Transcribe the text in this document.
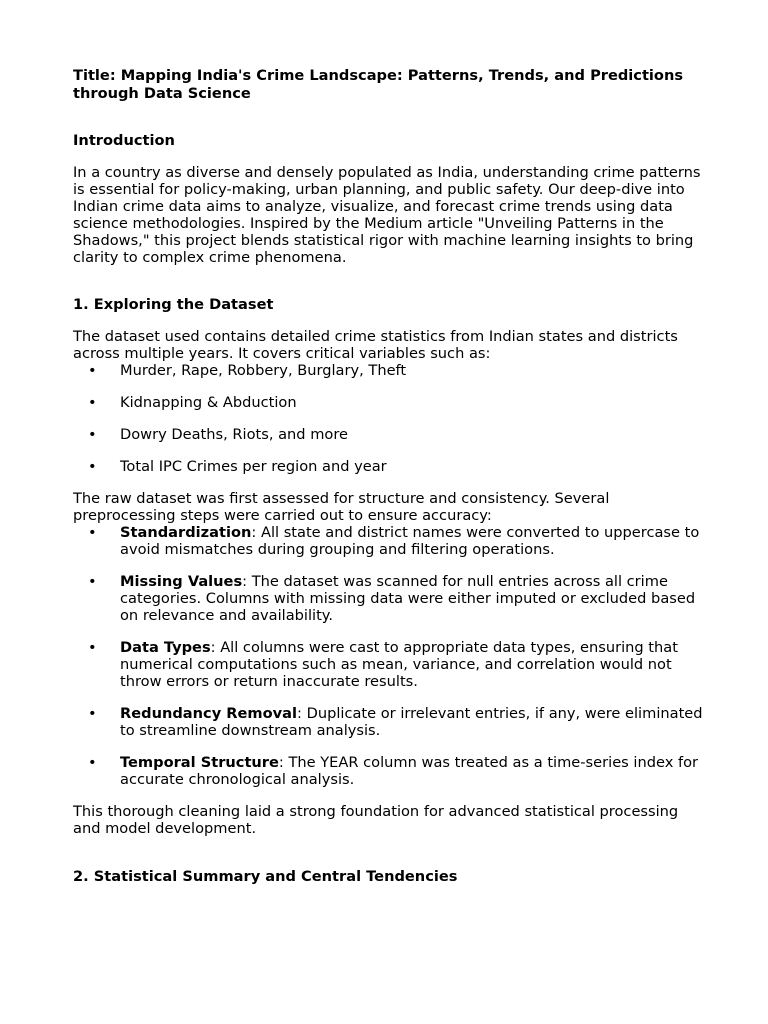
Title: Mapping India's Crime Landscape: Patterns, Trends, and Predictions through Data Science

Introduction

In a country as diverse and densely populated as India, understanding crime patterns is essential for policy-making, urban planning, and public safety. Our deep-dive into Indian crime data aims to analyze, visualize, and forecast crime trends using data science methodologies. Inspired by the Medium article "Unveiling Patterns in the Shadows," this project blends statistical rigor with machine learning insights to bring clarity to complex crime phenomena.

1. Exploring the Dataset

The dataset used contains detailed crime statistics from Indian states and districts across multiple years. It covers critical variables such as:

• Murder, Rape, Robbery, Burglary, Theft
• Kidnapping & Abduction
• Dowry Deaths, Riots, and more
• Total IPC Crimes per region and year

The raw dataset was first assessed for structure and consistency. Several preprocessing steps were carried out to ensure accuracy:

• Standardization: All state and district names were converted to uppercase to avoid mismatches during grouping and filtering operations.
• Missing Values: The dataset was scanned for null entries across all crime categories. Columns with missing data were either imputed or excluded based on relevance and availability.
• Data Types: All columns were cast to appropriate data types, ensuring that numerical computations such as mean, variance, and correlation would not throw errors or return inaccurate results.
• Redundancy Removal: Duplicate or irrelevant entries, if any, were eliminated to streamline downstream analysis.
• Temporal Structure: The YEAR column was treated as a time-series index for accurate chronological analysis.

This thorough cleaning laid a strong foundation for advanced statistical processing and model development.

2. Statistical Summary and Central Tendencies
